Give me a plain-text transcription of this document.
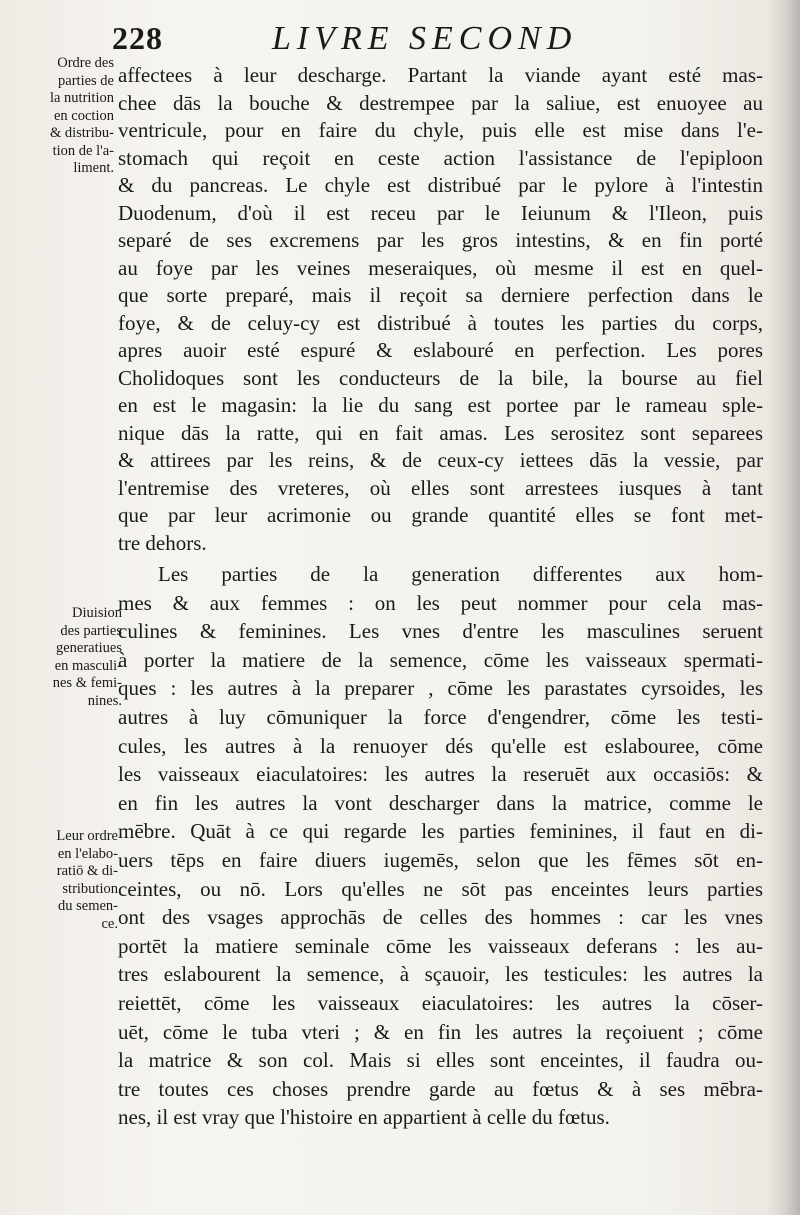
228	LIVRE SECOND
Ordre des
parties de
la nutrition
en coction
& distribu-
tion de l'a-
liment.
Diuision
des parties
generatiues
en masculi-
nes & femi-
nines.
Leur ordre
en l'elabo-
ratiō & di-
stribution
du semen-
ce.
affectees à leur descharge. Partant la viande ayant esté mas-
chee dās la bouche & destrempee par la saliue, est enuoyee au
ventricule, pour en faire du chyle, puis elle est mise dans l'e-
stomach qui reçoit en ceste action l'assistance de l'epiploon
& du pancreas. Le chyle est distribué par le pylore à l'intestin
Duodenum, d'où il est receu par le Ieiunum & l'Ileon, puis
separé de ses excremens par les gros intestins, & en fin porté
au foye par les veines meseraiques, où mesme il est en quel-
que sorte preparé, mais il reçoit sa derniere perfection dans le
foye, & de celuy-cy est distribué à toutes les parties du corps,
apres auoir esté espuré & eslabouré en perfection. Les pores
Cholidoques sont les conducteurs de la bile, la bourse au fiel
en est le magasin: la lie du sang est portee par le rameau sple-
nique dās la ratte, qui en fait amas. Les serositez sont separees
& attirees par les reins, & de ceux-cy iettees dās la vessie, par
l'entremise des vreteres, où elles sont arrestees iusques à tant
que par leur acrimonie ou grande quantité elles se font met-
tre dehors.
Les parties de la generation differentes aux hom-
mes & aux femmes : on les peut nommer pour cela mas-
culines & feminines. Les vnes d'entre les masculines seruent
à porter la matiere de la semence, cōme les vaisseaux spermati-
ques : les autres à la preparer , cōme les parastates cyrsoides, les
autres à luy cōmuniquer la force d'engendrer, cōme les testi-
cules, les autres à la renuoyer dés qu'elle est eslabouree, cōme
les vaisseaux eiaculatoires: les autres la reseruēt aux occasiōs: &
en fin les autres la vont descharger dans la matrice, comme le
mēbre. Quāt à ce qui regarde les parties feminines, il faut en di-
uers tēps en faire diuers iugemēs, selon que les fēmes sōt en-
ceintes, ou nō. Lors qu'elles ne sōt pas enceintes leurs parties
ont des vsages approchās de celles des hommes : car les vnes
portēt la matiere seminale cōme les vaisseaux deferans : les au-
tres eslabourent la semence, à sçauoir, les testicules: les autres la
reiettēt, cōme les vaisseaux eiaculatoires: les autres la cōser-
uēt, cōme le tuba vteri ; & en fin les autres la reçoiuent ; cōme
la matrice & son col. Mais si elles sont enceintes, il faudra ou-
tre toutes ces choses prendre garde au fœtus & à ses mēbra-
nes, il est vray que l'histoire en appartient à celle du fœtus.
